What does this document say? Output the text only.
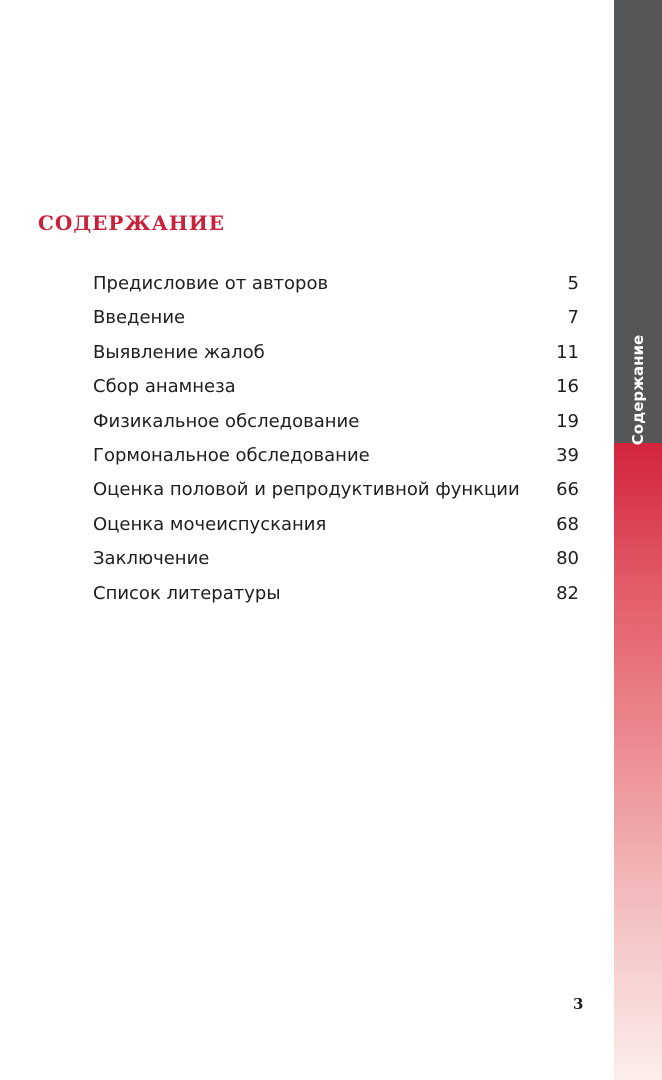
СОДЕРЖАНИЕ
Предисловие от авторов	5
Введение	7
Выявление жалоб	11
Сбор анамнеза	16
Физикальное обследование	19
Гормональное обследование	39
Оценка половой и репродуктивной функции 66
Оценка мочеиспускания	68
Заключение	80
Список литературы	82
Содержание
3
